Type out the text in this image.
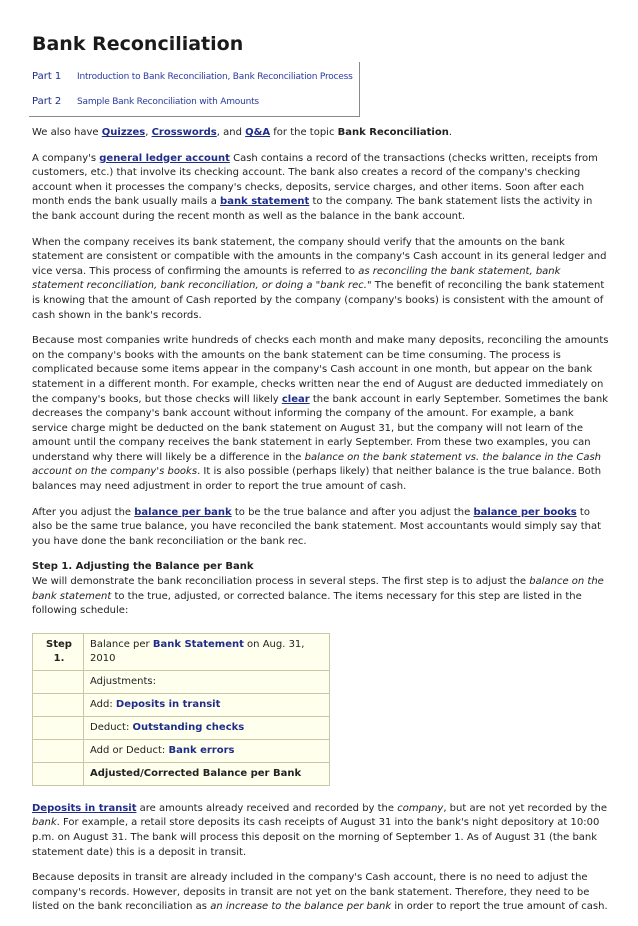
Bank Reconciliation
Part 1	Introduction to Bank Reconciliation, Bank Reconciliation Process
Part 2	Sample Bank Reconciliation with Amounts

We also have Quizzes, Crosswords, and Q&A for the topic Bank Reconciliation.

A company's general ledger account Cash contains a record of the transactions (checks written, receipts from customers, etc.) that involve its checking account. The bank also creates a record of the company's checking account when it processes the company's checks, deposits, service charges, and other items. Soon after each month ends the bank usually mails a bank statement to the company. The bank statement lists the activity in the bank account during the recent month as well as the balance in the bank account.

When the company receives its bank statement, the company should verify that the amounts on the bank statement are consistent or compatible with the amounts in the company's Cash account in its general ledger and vice versa. This process of confirming the amounts is referred to as reconciling the bank statement, bank statement reconciliation, bank reconciliation, or doing a "bank rec." The benefit of reconciling the bank statement is knowing that the amount of Cash reported by the company (company's books) is consistent with the amount of cash shown in the bank's records.

Because most companies write hundreds of checks each month and make many deposits, reconciling the amounts on the company's books with the amounts on the bank statement can be time consuming. The process is complicated because some items appear in the company's Cash account in one month, but appear on the bank statement in a different month. For example, checks written near the end of August are deducted immediately on the company's books, but those checks will likely clear the bank account in early September. Sometimes the bank decreases the company's bank account without informing the company of the amount. For example, a bank service charge might be deducted on the bank statement on August 31, but the company will not learn of the amount until the company receives the bank statement in early September. From these two examples, you can understand why there will likely be a difference in the balance on the bank statement vs. the balance in the Cash account on the company's books. It is also possible (perhaps likely) that neither balance is the true balance. Both balances may need adjustment in order to report the true amount of cash.

After you adjust the balance per bank to be the true balance and after you adjust the balance per books to also be the same true balance, you have reconciled the bank statement. Most accountants would simply say that you have done the bank reconciliation or the bank rec.

Step 1. Adjusting the Balance per Bank

We will demonstrate the bank reconciliation process in several steps. The first step is to adjust the balance on the bank statement to the true, adjusted, or corrected balance. The items necessary for this step are listed in the following schedule:

Step 1.	Balance per Bank Statement on Aug. 31, 2010
	Adjustments:
	Add: Deposits in transit
	Deduct: Outstanding checks
	Add or Deduct: Bank errors
	Adjusted/Corrected Balance per Bank

Deposits in transit are amounts already received and recorded by the company, but are not yet recorded by the bank. For example, a retail store deposits its cash receipts of August 31 into the bank's night depository at 10:00 p.m. on August 31. The bank will process this deposit on the morning of September 1. As of August 31 (the bank statement date) this is a deposit in transit.

Because deposits in transit are already included in the company's Cash account, there is no need to adjust the company's records. However, deposits in transit are not yet on the bank statement. Therefore, they need to be listed on the bank reconciliation as an increase to the balance per bank in order to report the true amount of cash.
